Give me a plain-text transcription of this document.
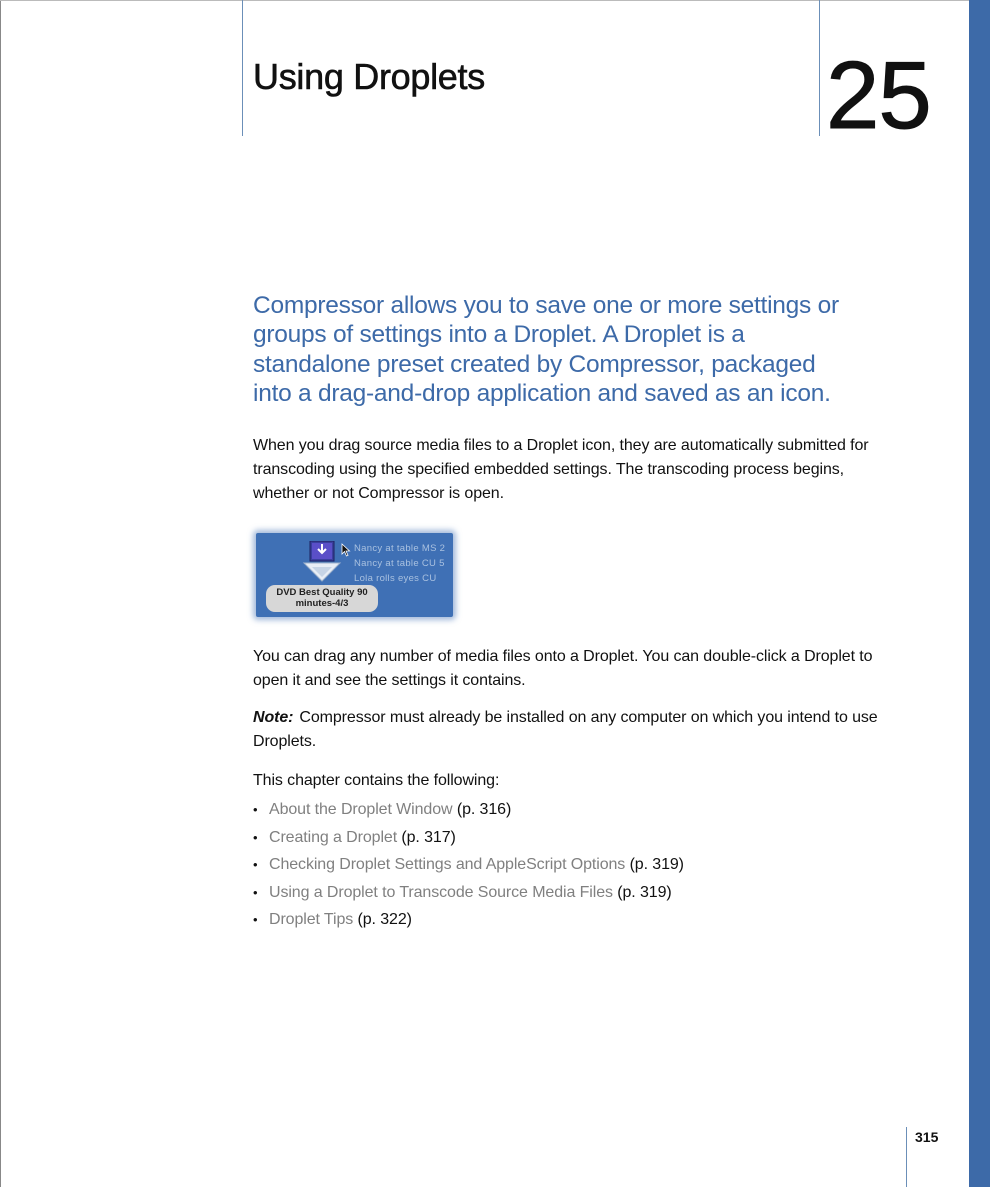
Using Droplets	25

Compressor allows you to save one or more settings or groups of settings into a Droplet. A Droplet is a standalone preset created by Compressor, packaged into a drag-and-drop application and saved as an icon.

When you drag source media files to a Droplet icon, they are automatically submitted for transcoding using the specified embedded settings. The transcoding process begins, whether or not Compressor is open.

Nancy at table MS 2
Nancy at table CU 5
Lola rolls eyes CU
DVD Best Quality 90
minutes-4/3

You can drag any number of media files onto a Droplet. You can double-click a Droplet to open it and see the settings it contains.

Note: Compressor must already be installed on any computer on which you intend to use Droplets.

This chapter contains the following:

• About the Droplet Window (p. 316)
• Creating a Droplet (p. 317)
• Checking Droplet Settings and AppleScript Options (p. 319)
• Using a Droplet to Transcode Source Media Files (p. 319)
• Droplet Tips (p. 322)
315
